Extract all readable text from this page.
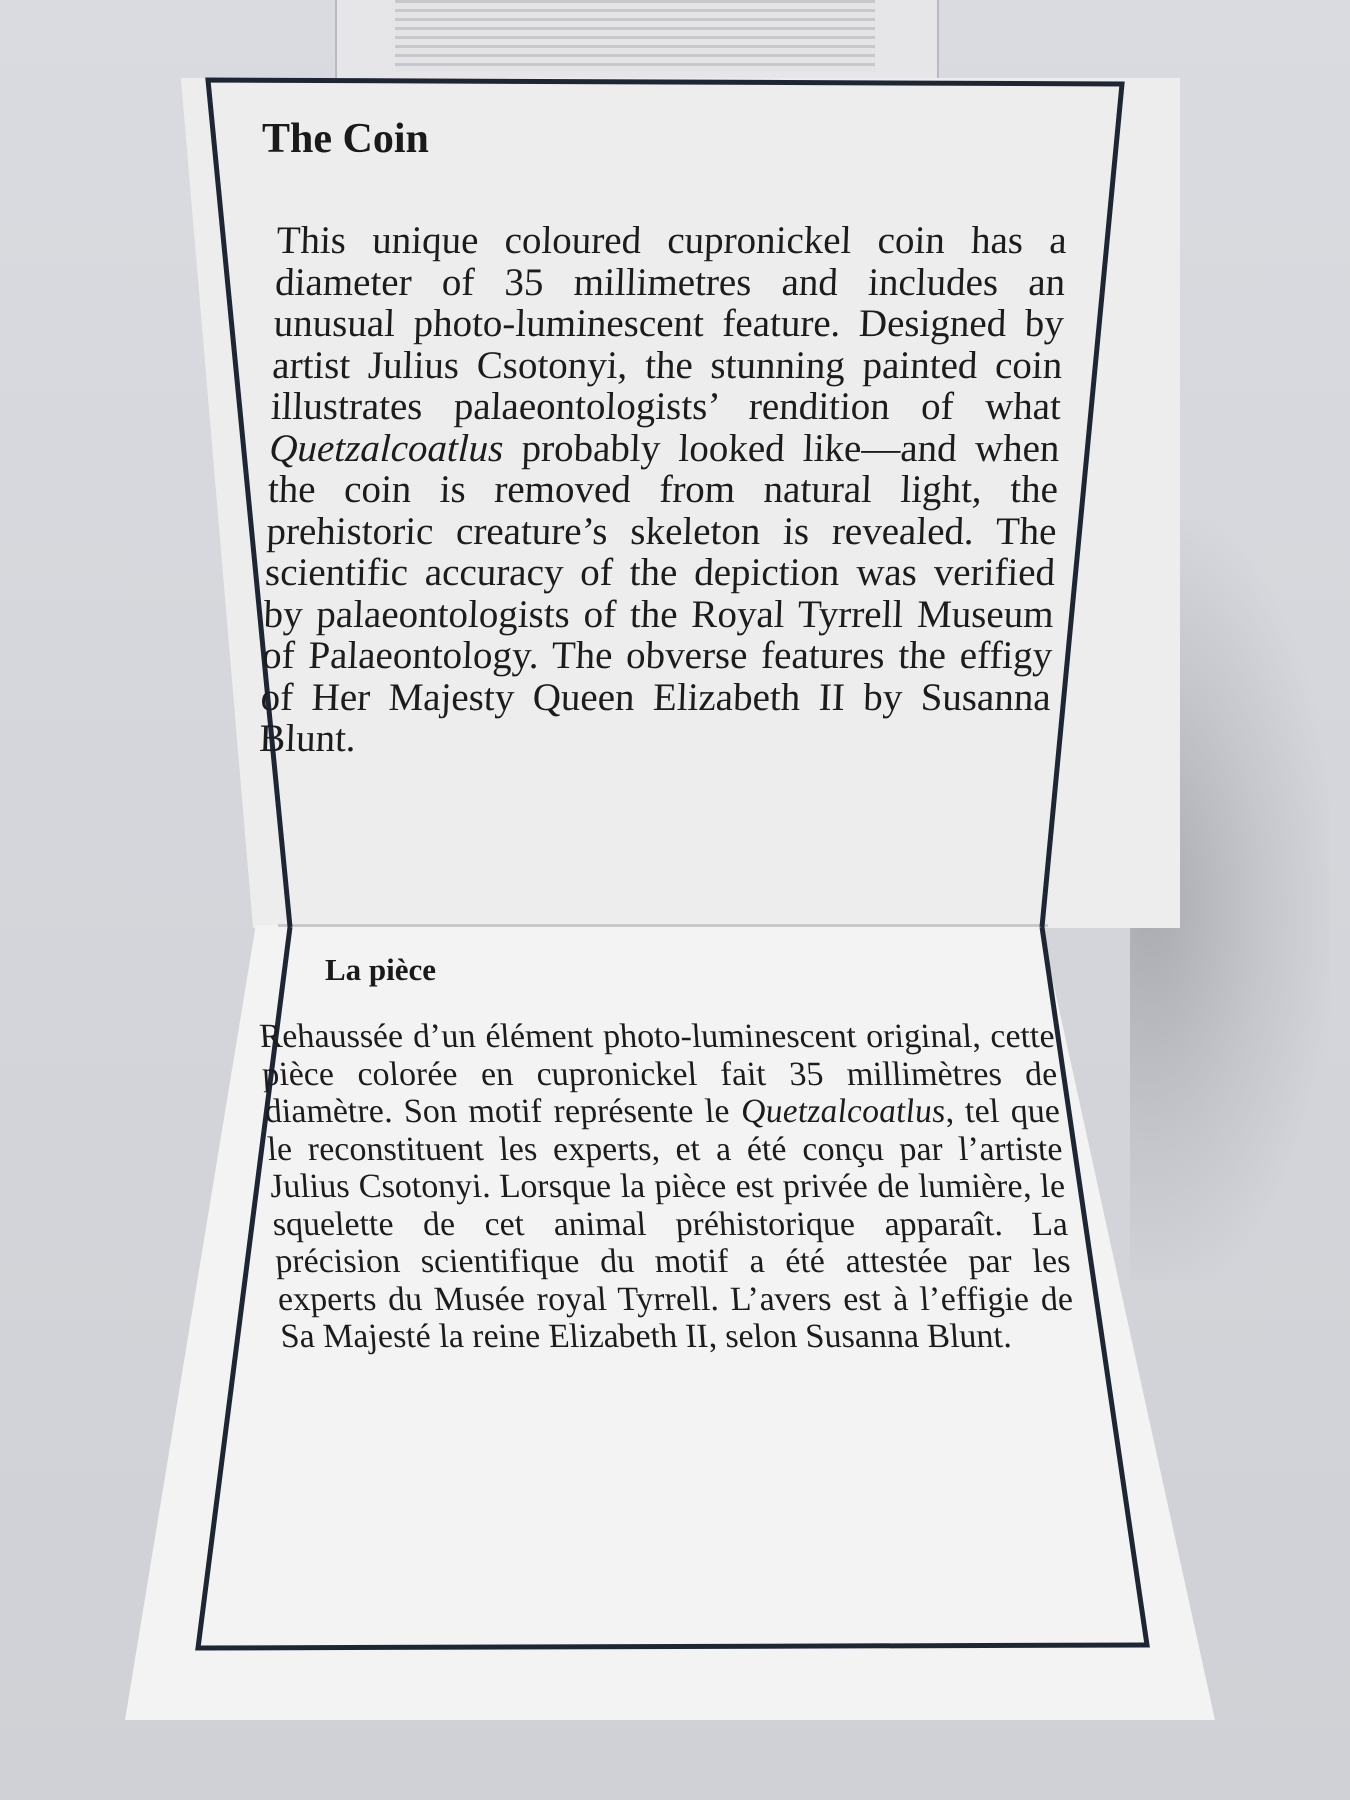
The Coin

This unique coloured cupronickel coin has a diameter of 35 millimetres and includes an unusual photo-luminescent feature. Designed by artist Julius Csotonyi, the stunning painted coin illustrates palaeontologists’ rendition of what Quetzalcoatlus probably looked like—and when the coin is removed from natural light, the prehistoric creature’s skeleton is revealed. The scientific accuracy of the depiction was verified by palaeontologists of the Royal Tyrrell Museum of Palaeontology. The obverse features the effigy of Her Majesty Queen Elizabeth II by Susanna Blunt.

La pièce

Rehaussée d’un élément photo-luminescent original, cette pièce colorée en cupronickel fait 35 millimètres de diamètre. Son motif représente le Quetzalcoatlus, tel que le reconstituent les experts, et a été conçu par l’artiste Julius Csotonyi. Lorsque la pièce est privée de lumière, le squelette de cet animal préhistorique apparaît. La précision scientifique du motif a été attestée par les experts du Musée royal Tyrrell. L’avers est à l’effigie de Sa Majesté la reine Elizabeth II, selon Susanna Blunt.
